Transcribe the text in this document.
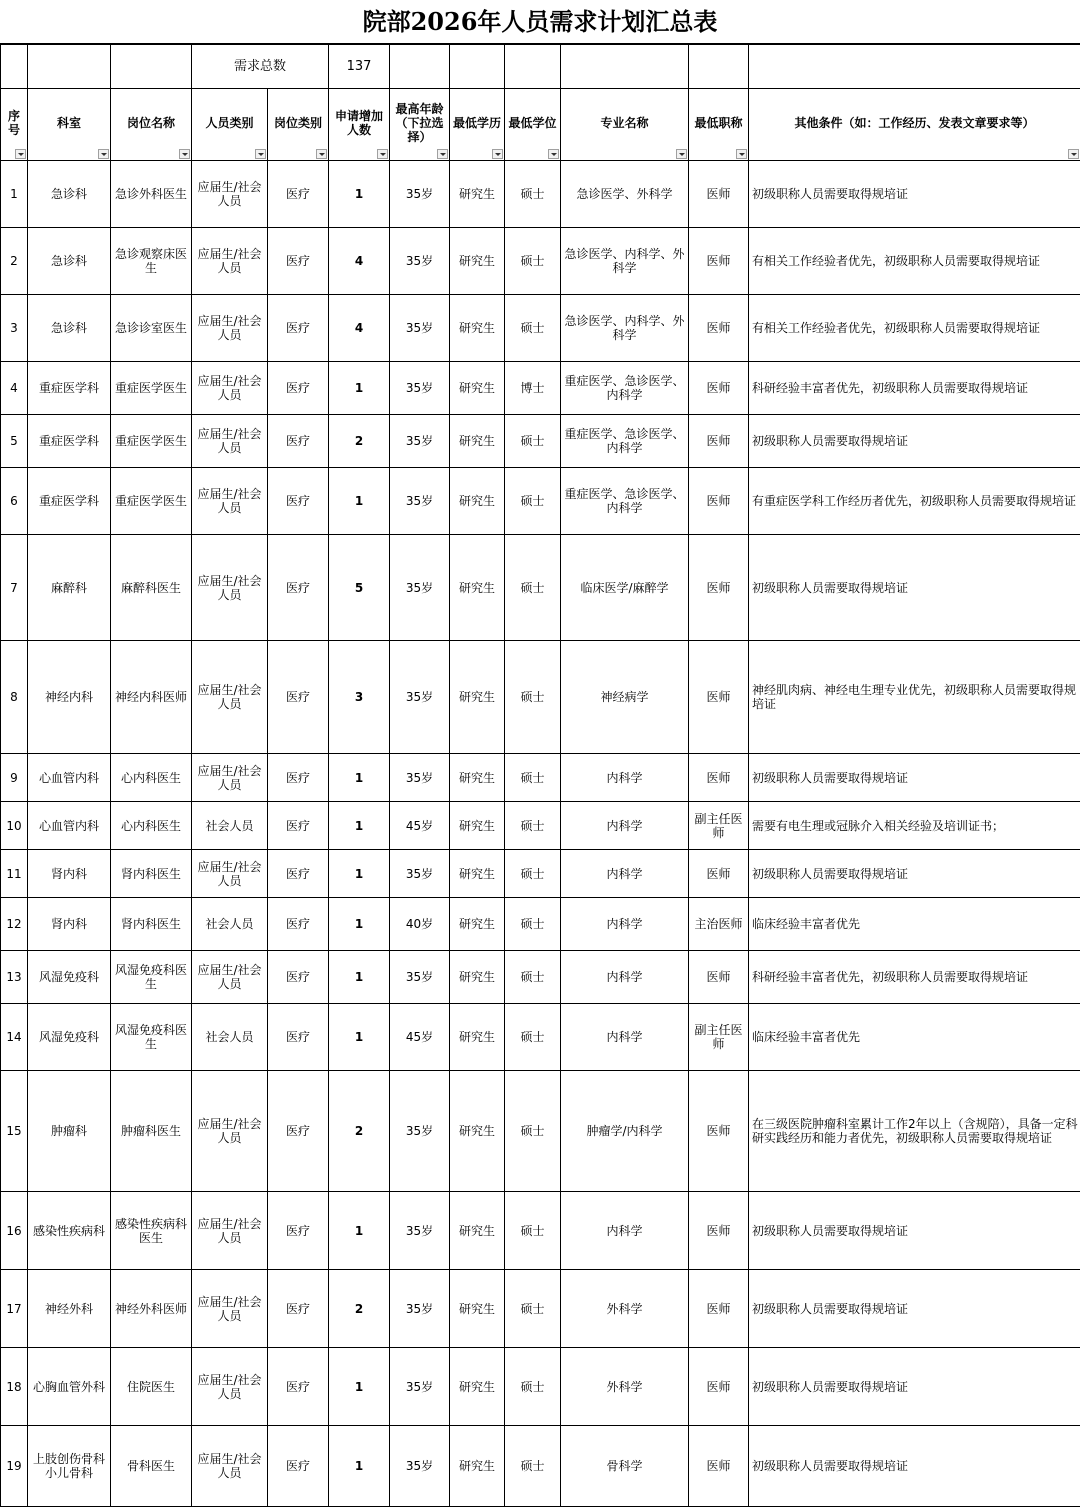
院部2026年人员需求计划汇总表
			需求总数		137						
序号	科室	岗位名称	人员类别	岗位类别	申请增加人数	最高年龄（下拉选择）	最低学历	最低学位	专业名称	最低职称	其他条件（如：工作经历、发表文章要求等）

1	急诊科	急诊外科医生	应届生/社会人员	医疗	1	35岁	研究生	硕士	急诊医学、外科学	医师	初级职称人员需要取得规培证
2	急诊科	急诊观察床医生	应届生/社会人员	医疗	4	35岁	研究生	硕士	急诊医学、内科学、外科学	医师	有相关工作经验者优先，初级职称人员需要取得规培证
3	急诊科	急诊诊室医生	应届生/社会人员	医疗	4	35岁	研究生	硕士	急诊医学、内科学、外科学	医师	有相关工作经验者优先，初级职称人员需要取得规培证
4	重症医学科	重症医学医生	应届生/社会人员	医疗	1	35岁	研究生	博士	重症医学、急诊医学、内科学	医师	科研经验丰富者优先，初级职称人员需要取得规培证
5	重症医学科	重症医学医生	应届生/社会人员	医疗	2	35岁	研究生	硕士	重症医学、急诊医学、内科学	医师	初级职称人员需要取得规培证
6	重症医学科	重症医学医生	应届生/社会人员	医疗	1	35岁	研究生	硕士	重症医学、急诊医学、内科学	医师	有重症医学科工作经历者优先，初级职称人员需要取得规培证
7	麻醉科	麻醉科医生	应届生/社会人员	医疗	5	35岁	研究生	硕士	临床医学/麻醉学	医师	初级职称人员需要取得规培证
8	神经内科	神经内科医师	应届生/社会人员	医疗	3	35岁	研究生	硕士	神经病学	医师	神经肌肉病、神经电生理专业优先，初级职称人员需要取得规培证
9	心血管内科	心内科医生	应届生/社会人员	医疗	1	35岁	研究生	硕士	内科学	医师	初级职称人员需要取得规培证
10	心血管内科	心内科医生	社会人员	医疗	1	45岁	研究生	硕士	内科学	副主任医师	需要有电生理或冠脉介入相关经验及培训证书；
11	肾内科	肾内科医生	应届生/社会人员	医疗	1	35岁	研究生	硕士	内科学	医师	初级职称人员需要取得规培证
12	肾内科	肾内科医生	社会人员	医疗	1	40岁	研究生	硕士	内科学	主治医师	临床经验丰富者优先
13	风湿免疫科	风湿免疫科医生	应届生/社会人员	医疗	1	35岁	研究生	硕士	内科学	医师	科研经验丰富者优先，初级职称人员需要取得规培证
14	风湿免疫科	风湿免疫科医生	社会人员	医疗	1	45岁	研究生	硕士	内科学	副主任医师	临床经验丰富者优先
15	肿瘤科	肿瘤科医生	应届生/社会人员	医疗	2	35岁	研究生	硕士	肿瘤学/内科学	医师	在三级医院肿瘤科室累计工作2年以上（含规陪），具备一定科研实践经历和能力者优先，初级职称人员需要取得规培证
16	感染性疾病科	感染性疾病科医生	应届生/社会人员	医疗	1	35岁	研究生	硕士	内科学	医师	初级职称人员需要取得规培证
17	神经外科	神经外科医师	应届生/社会人员	医疗	2	35岁	研究生	硕士	外科学	医师	初级职称人员需要取得规培证
18	心胸血管外科	住院医生	应届生/社会人员	医疗	1	35岁	研究生	硕士	外科学	医师	初级职称人员需要取得规培证
19	上肢创伤骨科小儿骨科	骨科医生	应届生/社会人员	医疗	1	35岁	研究生	硕士	骨科学	医师	初级职称人员需要取得规培证
